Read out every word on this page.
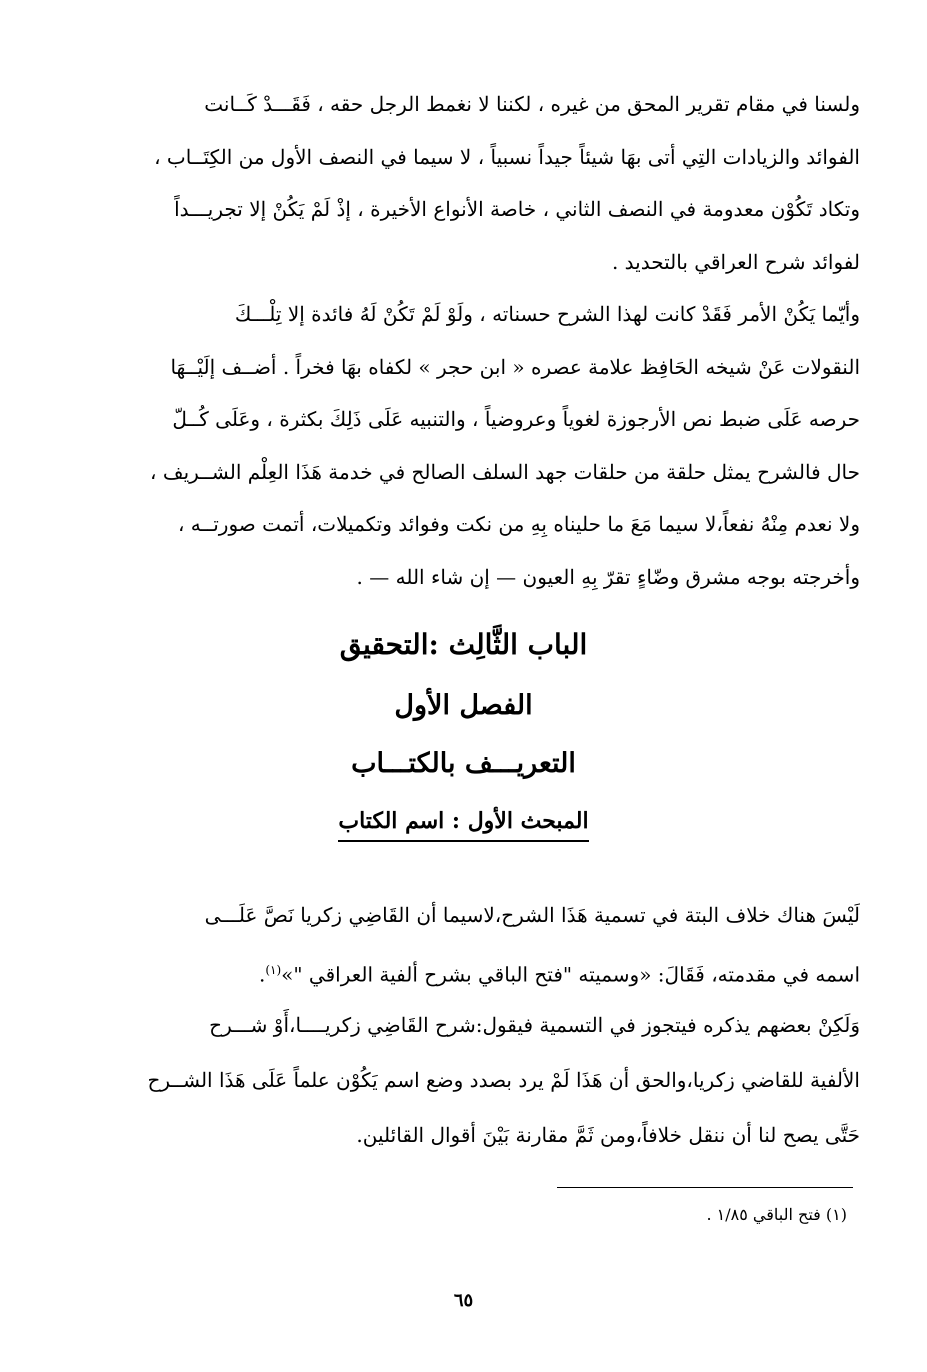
ولسنا في مقام تقرير المحق من غيره ، لكننا لا نغمط الرجل حقه ، فَقَـــدْ كَــانت
الفوائد والزيادات التِي أتى بهَا شيئاً جيداً نسبياً ، لا سيما في النصف الأول من الكِتَــاب ،
وتكاد تَكُوْن معدومة في النصف الثاني ، خاصة الأنواع الأخيرة ، إذْ لَمْ يَكُنْ إلا تجريـــداً
لفوائد شرح العراقي بالتحديد .
وأيّما يَكُنْ الأمر فَقَدْ كانت لهذا الشرح حسناته ، ولَوْ لَمْ تَكُنْ لَهُ فائدة إلا تِلْـــكَ
النقولات عَنْ شيخه الحَافِظ علامة عصره « ابن حجر » لكفاه بهَا فخراً . أضــف إلَيْــهَا
حرصه عَلَى ضبط نص الأرجوزة لغوياً وعروضياً ، والتنبيه عَلَى ذَلِكَ بكثرة ، وعَلَى كُــلّ
حال فالشرح يمثل حلقة من حلقات جهد السلف الصالح في خدمة هَذَا العِلْم الشــريف ،
ولا نعدم مِنْهُ نفعاً،لا سيما مَعَ ما حليناه بِهِ من نكت وفوائد وتكميلات، أتمت صورتــه ،
وأخرجته بوجه مشرق وضّاءٍ تقرّ بِهِ العيون — إن شاء الله — .
الباب الثَّالِث :التحقيق
الفصل الأول
التعريـــف بالكتـــاب
المبحث الأول : اسم الكتاب
لَيْسَ هناك خلاف البتة في تسمية هَذَا الشرح،لاسيما أن القَاضِي زكريا نَصَّ عَلَـــى
اسمه في مقدمته، فَقَالَ: «وسميته "فتح الباقي بشرح ألفية العراقي "»$^{(١)}$.
وَلَكِنْ بعضهم يذكره فيتجوز في التسمية فيقول:شرح القَاضِي زكريــــا،أَوْ شـــرح
الألفية للقاضي زكريا،والحق أن هَذَا لَمْ يرد بصدد وضع اسم يَكُوْن علماً عَلَى هَذَا الشــرح
حَتَّى يصح لنا أن ننقل خلافاً،ومن ثَمَّ مقارنة بَيْنَ أقوال القائلين.
(١) فتح الباقي ١/٨٥ .
٦٥
